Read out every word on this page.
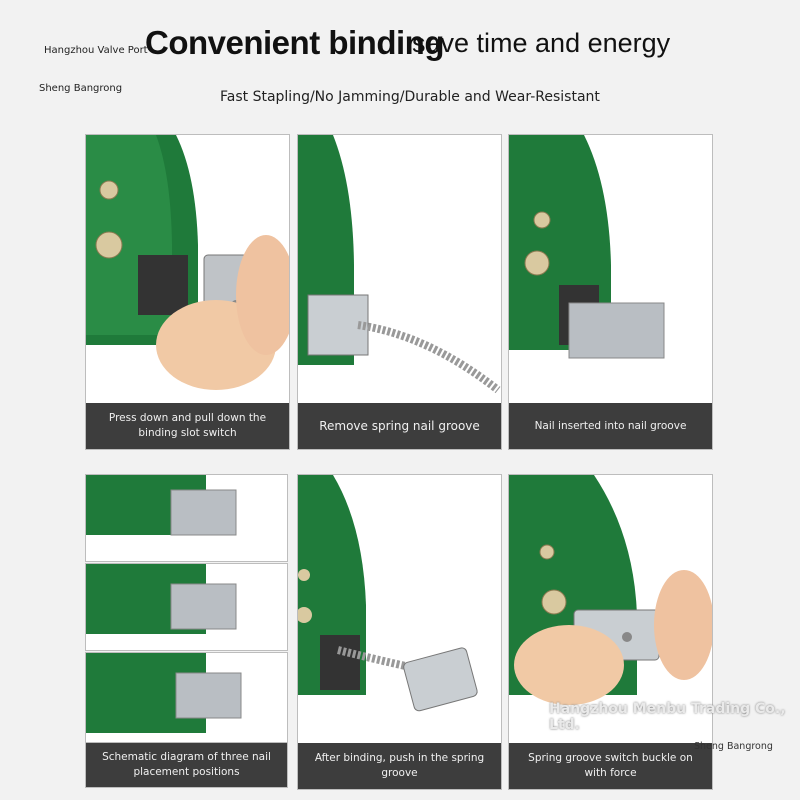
Hangzhou Valve Port
Sheng Bangrong
Convenient binding
save time and energy
Fast Stapling/No Jamming/Durable and Wear-Resistant
Press down and pull down the binding slot switch
Remove spring nail groove	Nail inserted into nail groove
Schematic diagram of three nail placement positions
After binding, push in the spring groove
Spring groove switch buckle on with force
Hangzhou Menbu Trading Co., Ltd.
Sheng Bangrong
